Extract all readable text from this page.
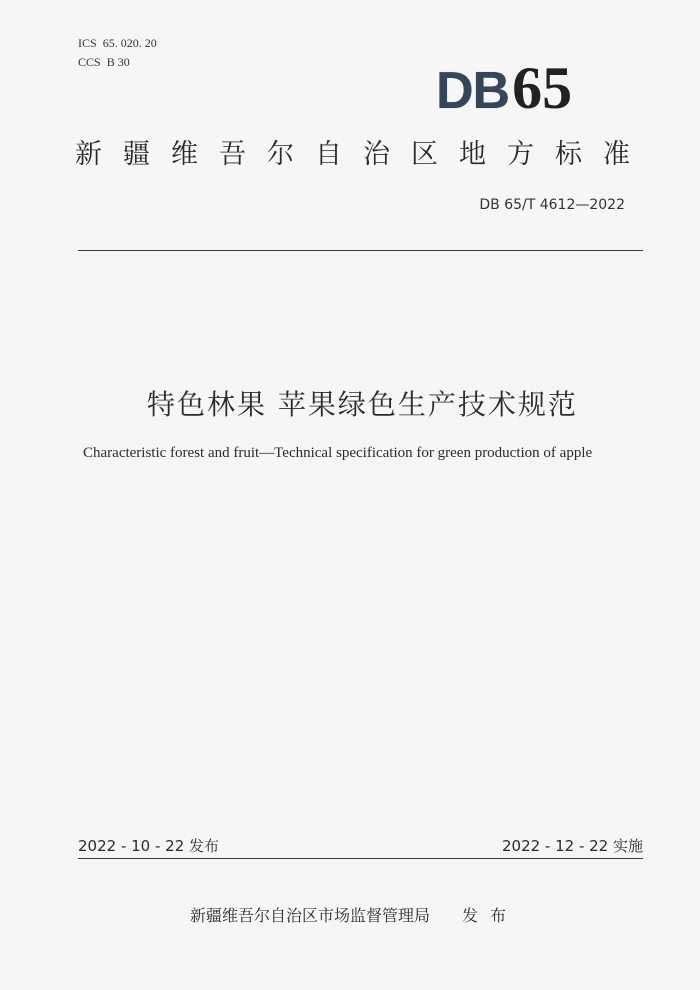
ICS 65. 020. 20
CCS B 30	DB 65
新疆维吾尔自治区地方标准
DB 65/T 4612—2022
特色林果 苹果绿色生产技术规范
Characteristic forest and fruit—Technical specification for green production of apple
2022 - 10 - 22 发布	2022 - 12 - 22 实施
新疆维吾尔自治区市场监督管理局 发布
